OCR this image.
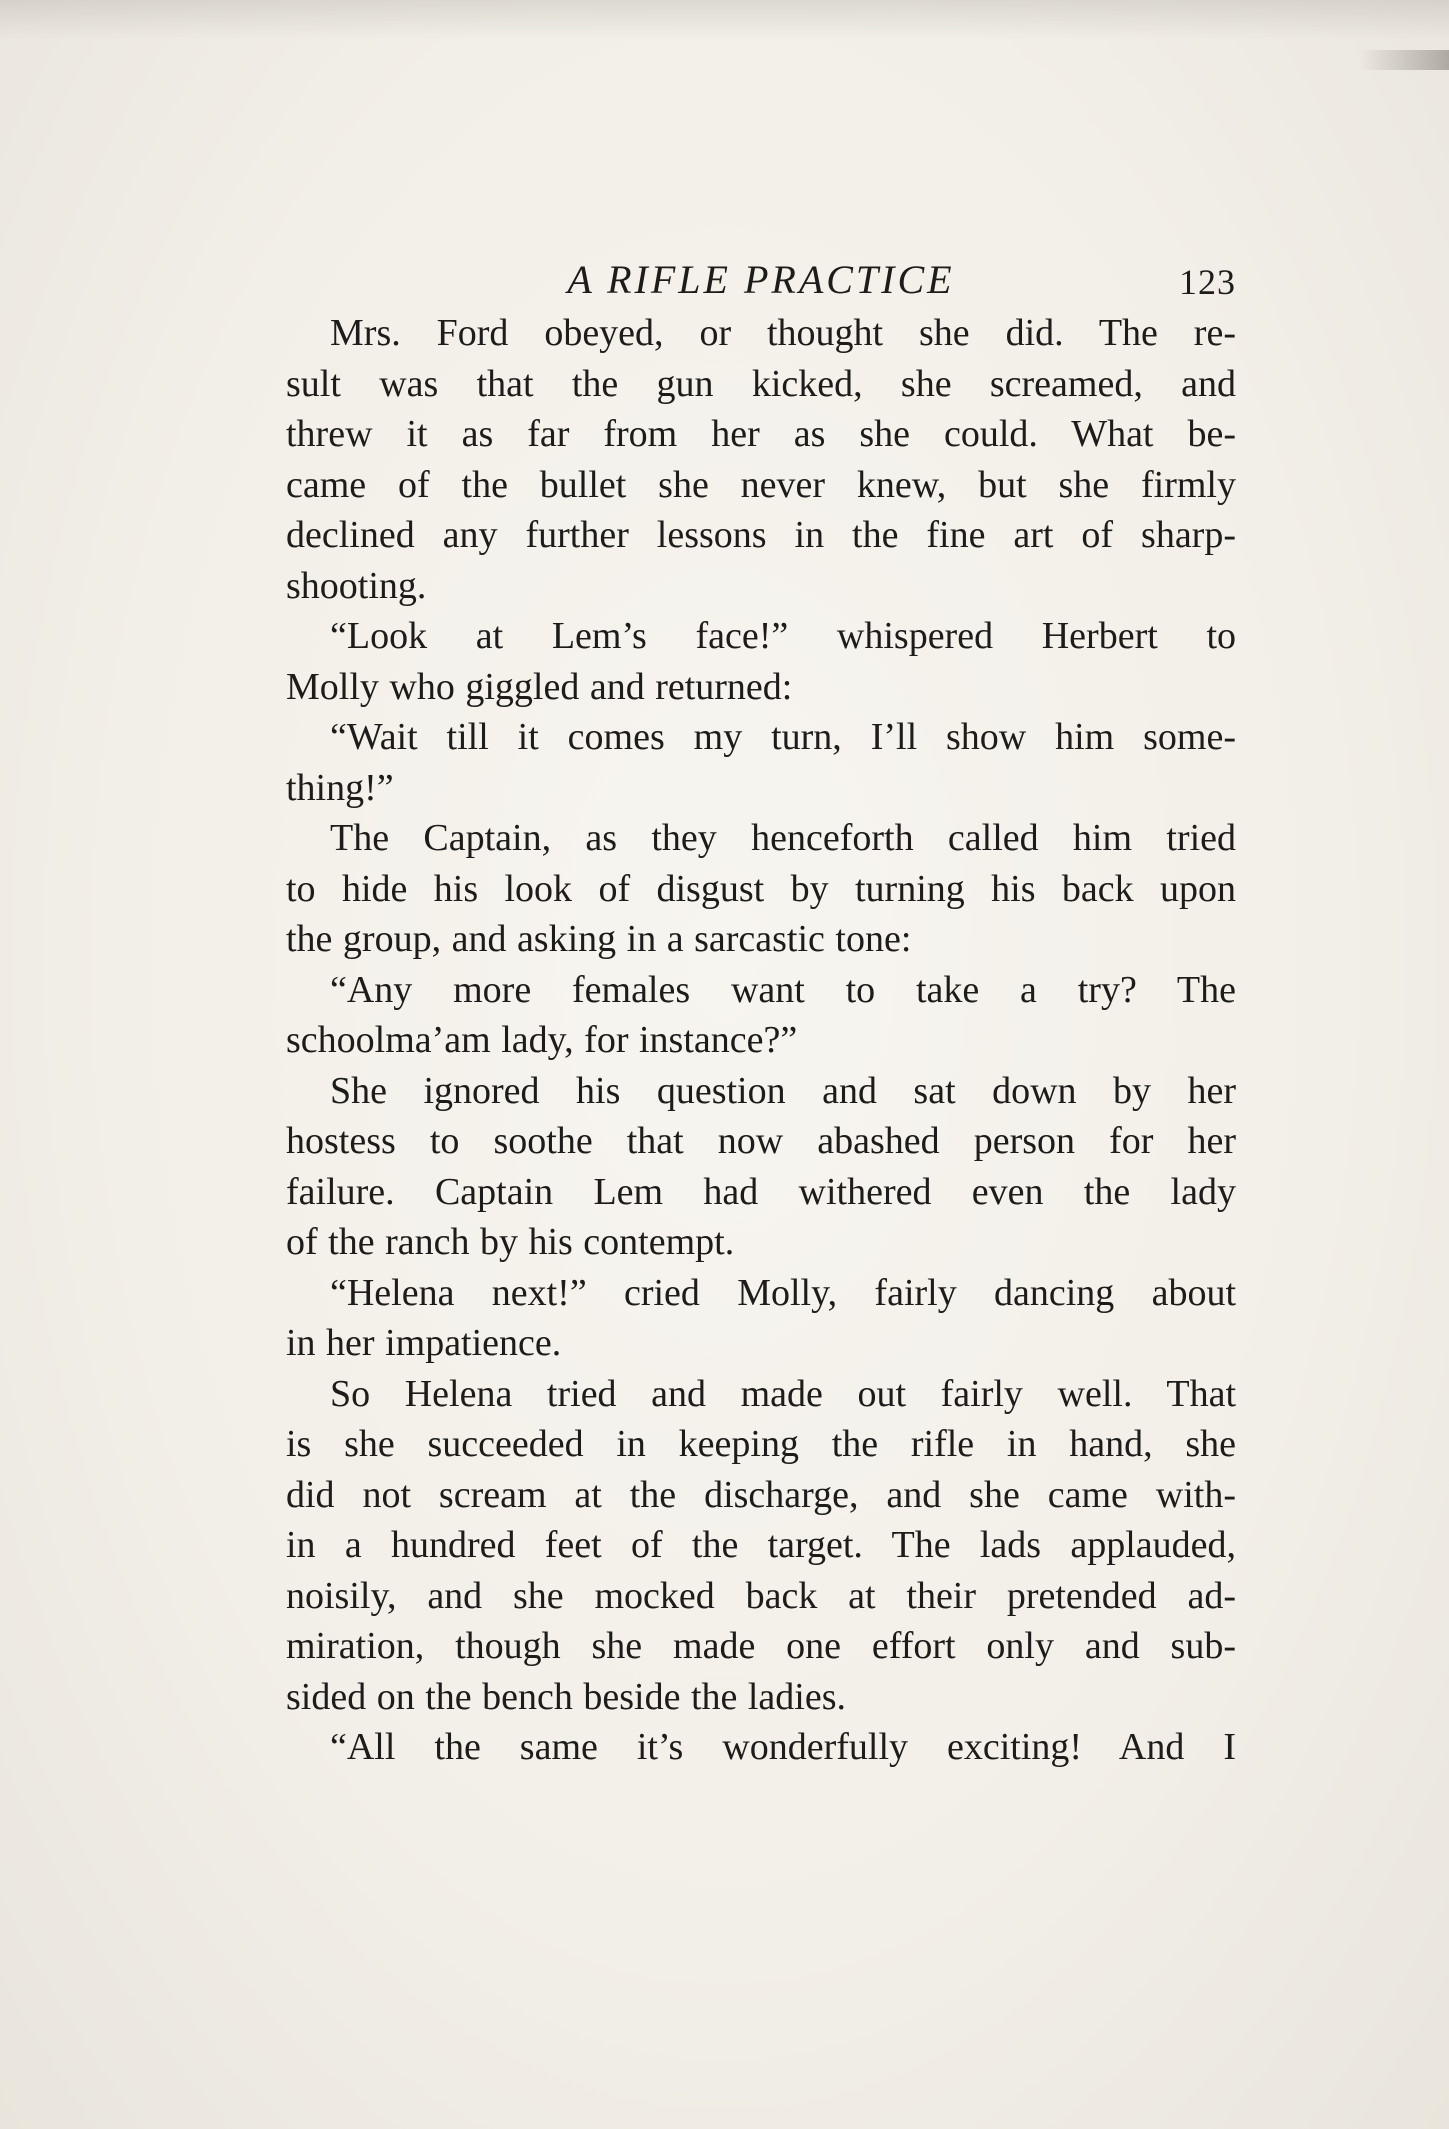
A RIFLE PRACTICE	123
Mrs. Ford obeyed, or thought she did. The re-
sult was that the gun kicked, she screamed, and
threw it as far from her as she could. What be-
came of the bullet she never knew, but she firmly
declined any further lessons in the fine art of sharp-
shooting.
“Look at Lem’s face!” whispered Herbert to
Molly who giggled and returned:
“Wait till it comes my turn, I’ll show him some-
thing!”
The Captain, as they henceforth called him tried
to hide his look of disgust by turning his back upon
the group, and asking in a sarcastic tone:
“Any more females want to take a try? The
schoolma’am lady, for instance?”
She ignored his question and sat down by her
hostess to soothe that now abashed person for her
failure. Captain Lem had withered even the lady
of the ranch by his contempt.
“Helena next!” cried Molly, fairly dancing about
in her impatience.
So Helena tried and made out fairly well. That
is she succeeded in keeping the rifle in hand, she
did not scream at the discharge, and she came with-
in a hundred feet of the target. The lads applauded,
noisily, and she mocked back at their pretended ad-
miration, though she made one effort only and sub-
sided on the bench beside the ladies.
“All the same it’s wonderfully exciting! And I
